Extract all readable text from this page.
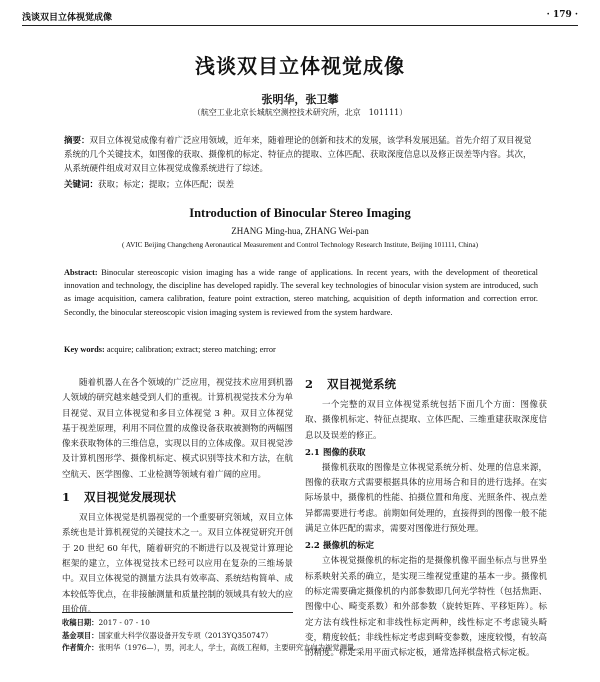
浅谈双目立体视觉成像	· 179 ·
浅谈双目立体视觉成像
张明华，张卫攀
（航空工业北京长城航空测控技术研究所，北京　101111）
摘要：双目立体视觉成像有着广泛应用领域，近年来，随着理论的创新和技术的发展，该学科发展迅猛。首先介绍了双目视觉系统的几个关键技术，如图像的获取、摄像机的标定、特征点的提取、立体匹配、获取深度信息以及修正误差等内容。其次，从系统硬件组成对双目立体视觉成像系统进行了综述。
关键词：获取；标定；提取；立体匹配；误差
Introduction of Binocular Stereo Imaging
ZHANG Ming-hua, ZHANG Wei-pan
( AVIC Beijing Changcheng Aeronautical Measurement and Control Technology Research Institute, Beijing 101111, China)
Abstract: Binocular stereoscopic vision imaging has a wide range of applications. In recent years, with the development of theoretical innovation and technology, the discipline has developed rapidly. The several key technologies of binocular vision system are introduced, such as image acquisition, camera calibration, feature point extraction, stereo matching, acquisition of depth information and correction error. Secondly, the binocular stereoscopic vision imaging system is reviewed from the system hardware.
Key words: acquire; calibration; extract; stereo matching; error

随着机器人在各个领域的广泛应用，视觉技术应用到机器人领域的研究越来越受到人们的重视。计算机视觉技术分为单目视觉、双目立体视觉和多目立体视觉 3 种。双目立体视觉基于视差原理，利用不同位置的成像设备获取被测物的两幅图像来获取物体的三维信息，实现以目的立体成像。双目视觉涉及计算机图形学、摄像机标定、模式识别等技术和方法，在航空航天、医学图像、工业检测等领域有着广阔的应用。

1 双目视觉发展现状

双目立体视觉是机器视觉的一个重要研究领域，双目立体系统也是计算机视觉的关键技术之一。双目立体视觉研究开创于 20 世纪 60 年代，随着研究的不断进行以及视觉计算理论框架的建立，立体视觉技术已经可以应用在复杂的三维场景中。双目立体视觉的测量方法具有效率高、系统结构简单、成本较低等优点，在非接触测量和质量控制的领域具有较大的应用价值。

2 双目视觉系统

一个完整的双目立体视觉系统包括下面几个方面：图像获取、摄像机标定、特征点提取、立体匹配、三维重建获取深度信息以及误差的修正。

2.1 图像的获取

摄像机获取的图像是立体视觉系统分析、处理的信息来源，图像的获取方式需要根据具体的应用场合和目的进行选择。在实际场景中，摄像机的性能、拍摄位置和角度、光照条件、视点差异都需要进行考虑。前期如何处理的，直接得到的图像一般不能满足立体匹配的需求，需要对图像进行预处理。

2.2 摄像机的标定

立体视觉摄像机的标定指的是摄像机像平面坐标点与世界坐标系映射关系的确立，是实现三维视觉重建的基本一步。摄像机的标定需要确定摄像机的内部参数即几何光学特性（包括焦距、图像中心、畸变系数）和外部参数（旋转矩阵、平移矩阵）。标定方法有线性标定和非线性标定两种，线性标定不考虑镜头畸变，精度较低；非线性标定考虑到畸变参数，速度较慢，有较高的精度。标定采用平面式标定板，通常选择棋盘格式标定板。

收稿日期：2017 - 07 - 10
基金项目：国家重大科学仪器设备开发专项（2013YQ350747）
作者简介：张明华（1976—），男，河北人，学士，高级工程师，主要研究方向为视觉测量。
